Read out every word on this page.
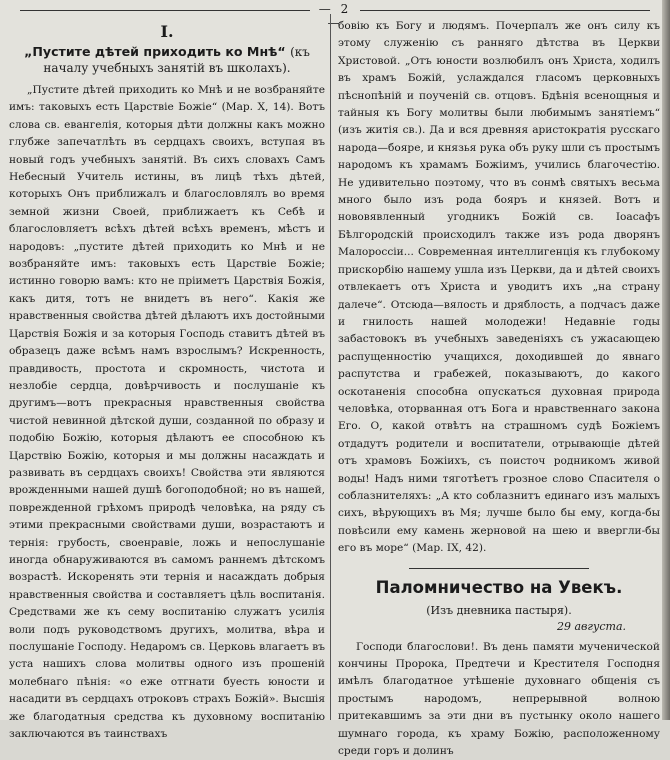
— 2 —
I.
„Пустите дѣтей приходить ко Мнѣ“ (къ началу учебныхъ занятій въ школахъ).

„Пустите дѣтей приходить ко Мнѣ и не возбраняйте имъ: таковыхъ есть Царствіе Божіе“ (Мар. X, 14). Вотъ слова св. евангелія, которыя дѣти должны какъ можно глубже запечатлѣть въ сердцахъ своихъ, вступая въ новый годъ учебныхъ занятій. Въ сихъ словахъ Самъ Небесный Учитель истины, въ лицѣ тѣхъ дѣтей, которыхъ Онъ приближалъ и благословлялъ во время земной жизни Своей, приближаетъ къ Себѣ и благословляетъ всѣхъ дѣтей всѣхъ временъ, мѣстъ и народовъ: „пустите дѣтей приходить ко Мнѣ и не возбраняйте имъ: таковыхъ есть Царствіе Божіе; истинно говорю вамъ: кто не пріиметъ Царствія Божія, какъ дитя, тотъ не внидетъ въ него“. Какія же нравственныя свойства дѣтей дѣлаютъ ихъ достойными Царствія Божія и за которыя Господь ставитъ дѣтей въ образецъ даже всѣмъ намъ взрослымъ? Искренность, правдивость, простота и скромность, чистота и незлобіе сердца, довѣрчивость и послушаніе къ другимъ—вотъ прекрасныя нравственныя свойства чистой невинной дѣтской души, созданной по образу и подобію Божію, которыя дѣлаютъ ее способною къ Царствію Божію, которыя и мы должны насаждать и развивать въ сердцахъ своихъ! Свойства эти являются врожденными нашей душѣ богоподобной; но въ нашей, поврежденной грѣхомъ природѣ человѣка, на ряду съ этими прекрасными свойствами души, возрастаютъ и тернія: грубость, своенравіе, ложь и непослушаніе иногда обнаруживаются въ самомъ раннемъ дѣтскомъ возрастѣ. Искоренять эти тернія и насаждать добрыя нравственныя свойства и составляетъ цѣль воспитанія. Средствами же къ сему воспитанію служатъ усилія воли подъ руководствомъ другихъ, молитва, вѣра и послушаніе Господу. Недаромъ св. Церковь влагаетъ въ уста нашихъ слова молитвы одного изъ прошеній молебнаго пѣнія: «о еже отгнати буесть юности и насадити въ сердцахъ отроковъ страхъ Божій». Высшія же благодатныя средства къ духовному воспитанію заключаются въ таинствахъ

бовію къ Богу и людямъ. Почерпалъ же онъ силу къ этому служенію съ ранняго дѣтства въ Церкви Христовой. „Отъ юности возлюбилъ онъ Христа, ходилъ въ храмъ Божій, услаждался гласомъ церковныхъ пѣснопѣній и поученій св. отцовъ. Бдѣнія всенощныя и тайныя къ Богу молитвы были любимымъ занятіемъ“ (изъ житія св.). Да и вся древняя аристократія русскаго народа—бояре, и князья рука объ руку шли съ простымъ народомъ къ храмамъ Божіимъ, учились благочестію. Не удивительно поэтому, что въ сонмѣ святыхъ весьма много было изъ рода бояръ и князей. Вотъ и нововявленный угодникъ Божій св. Іоасафъ Бѣлгородскій происходилъ также изъ рода дворянъ Малороссіи... Современная интеллигенція къ глубокому прискорбію нашему ушла изъ Церкви, да и дѣтей своихъ отвлекаетъ отъ Христа и уводитъ ихъ „на страну далече“. Отсюда—вялость и дряблость, а подчасъ даже и гнилость нашей молодежи! Недавніе годы забастовокъ въ учебныхъ заведеніяхъ съ ужасающею распущенностію учащихся, доходившей до явнаго распутства и грабежей, показываютъ, до какого оскотаненія способна опускаться духовная природа человѣка, оторванная отъ Бога и нравственнаго закона Его. О, какой отвѣтъ на страшномъ судѣ Божіемъ отдадутъ родители и воспитатели, отрывающіе дѣтей отъ храмовъ Божіихъ, съ поисточ родникомъ живой воды! Надъ ними тяготѣетъ грозное слово Спасителя о соблазнителяхъ: „А кто соблазнитъ единаго изъ малыхъ сихъ, вѣрующихъ въ Мя; лучше было бы ему, когда-бы повѣсили ему камень жерновой на шею и ввергли-бы его въ море“ (Мар. IX, 42).

Паломничество на Увекъ.
(Изъ дневника пастыря).
29 августа.

Господи благослови!. Въ день памяти мученической кончины Пророка, Предтечи и Крестителя Господня имѣлъ благодатное утѣшеніе духовнаго общенія съ простымъ народомъ, непрерывной волною притекавшимъ за эти дни въ пустынку около нашего шумнаго города, къ храму Божію, расположенному среди горъ и долинъ
